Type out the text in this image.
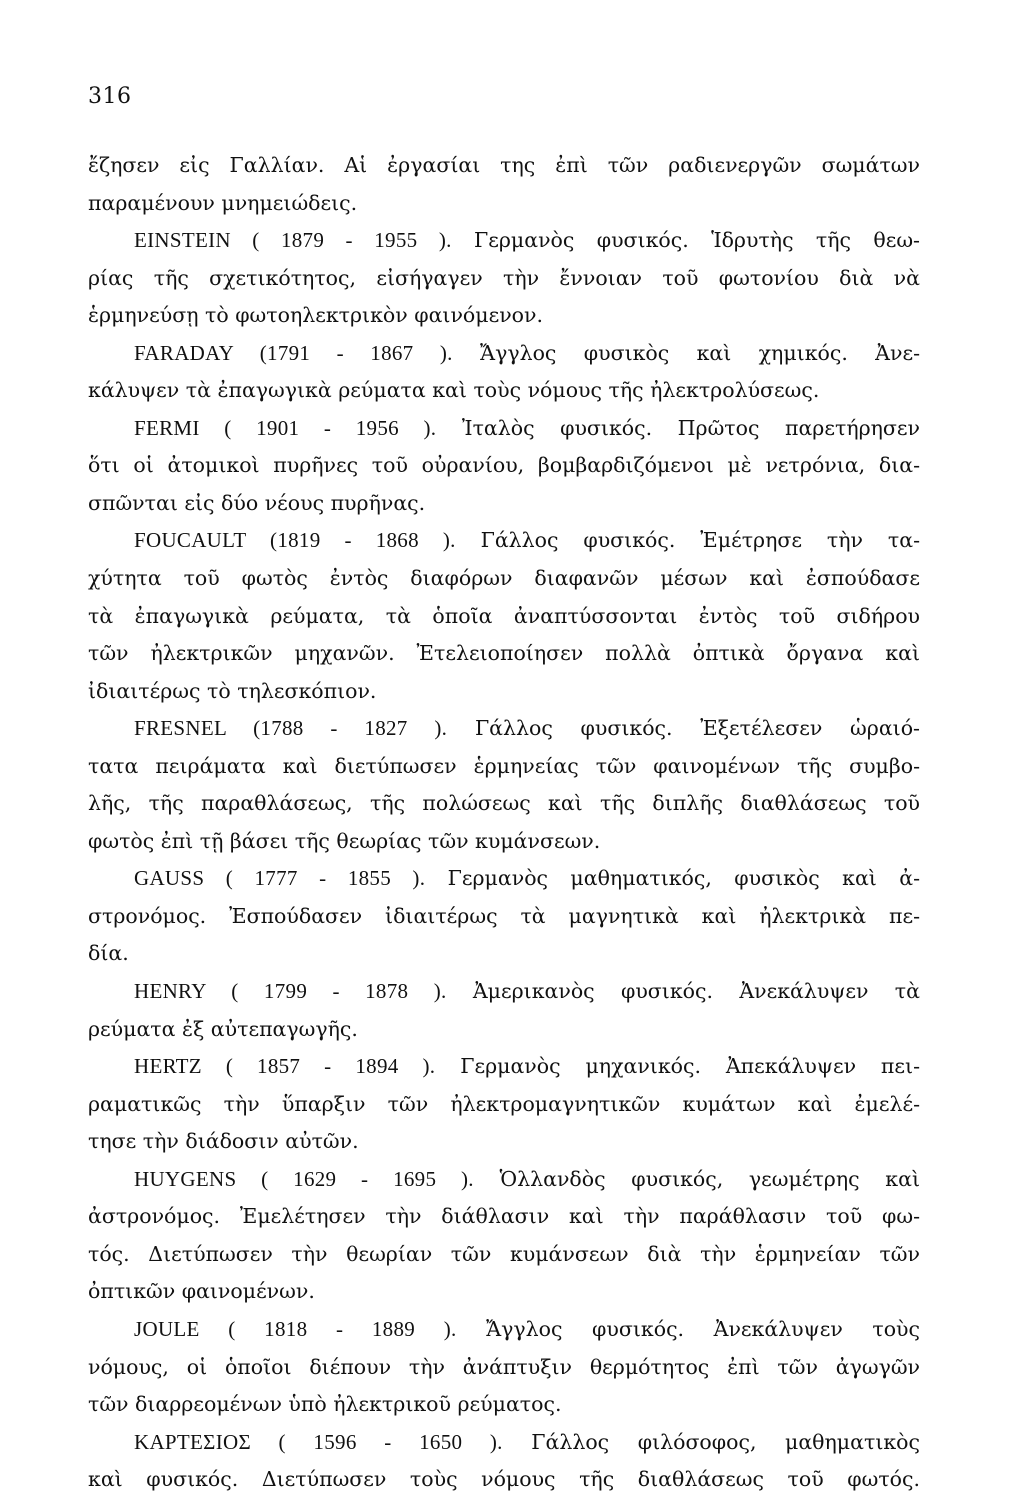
316
ἔζησεν εἰς Γαλλίαν. Αἱ ἐργασίαι της ἐπὶ τῶν ραδιενεργῶν σωμάτων
παραμένουν μνημειώδεις.
EINSTEIN ( 1879 - 1955 ). Γερμανὸς φυσικός. Ἱδρυτὴς τῆς θεω-
ρίας τῆς σχετικότητος, εἰσήγαγεν τὴν ἔννοιαν τοῦ φωτονίου διὰ νὰ
ἑρμηνεύσῃ τὸ φωτοηλεκτρικὸν φαινόμενον.
FARADAY (1791 - 1867 ). Ἄγγλος φυσικὸς καὶ χημικός. Ἀνε-
κάλυψεν τὰ ἐπαγωγικὰ ρεύματα καὶ τοὺς νόμους τῆς ἠλεκτρολύσεως.
FERMI ( 1901 - 1956 ). Ἰταλὸς φυσικός. Πρῶτος παρετήρησεν
ὅτι οἱ ἀτομικοὶ πυρῆνες τοῦ οὐρανίου, βομβαρδιζόμενοι μὲ νετρόνια, δια-
σπῶνται εἰς δύο νέους πυρῆνας.
FOUCAULT (1819 - 1868 ). Γάλλος φυσικός. Ἐμέτρησε τὴν τα-
χύτητα τοῦ φωτὸς ἐντὸς διαφόρων διαφανῶν μέσων καὶ ἐσπούδασε
τὰ ἐπαγωγικὰ ρεύματα, τὰ ὁποῖα ἀναπτύσσονται ἐντὸς τοῦ σιδήρου
τῶν ἠλεκτρικῶν μηχανῶν. Ἐτελειοποίησεν πολλὰ ὀπτικὰ ὄργανα καὶ
ἰδιαιτέρως τὸ τηλεσκόπιον.
FRESNEL (1788 - 1827 ). Γάλλος φυσικός. Ἐξετέλεσεν ὡραιό-
τατα πειράματα καὶ διετύπωσεν ἑρμηνείας τῶν φαινομένων τῆς συμβο-
λῆς, τῆς παραθλάσεως, τῆς πολώσεως καὶ τῆς διπλῆς διαθλάσεως τοῦ
φωτὸς ἐπὶ τῇ βάσει τῆς θεωρίας τῶν κυμάνσεων.
GAUSS ( 1777 - 1855 ). Γερμανὸς μαθηματικός, φυσικὸς καὶ ἀ-
στρονόμος. Ἐσπούδασεν ἰδιαιτέρως τὰ μαγνητικὰ καὶ ἠλεκτρικὰ πε-
δία.
HENRY ( 1799 - 1878 ). Ἀμερικανὸς φυσικός. Ἀνεκάλυψεν τὰ
ρεύματα ἐξ αὐτεπαγωγῆς.
HERTZ ( 1857 - 1894 ). Γερμανὸς μηχανικός. Ἀπεκάλυψεν πει-
ραματικῶς τὴν ὕπαρξιν τῶν ἠλεκτρομαγνητικῶν κυμάτων καὶ ἐμελέ-
τησε τὴν διάδοσιν αὐτῶν.
HUYGENS ( 1629 - 1695 ). Ὁλλανδὸς φυσικός, γεωμέτρης καὶ
ἀστρονόμος. Ἐμελέτησεν τὴν διάθλασιν καὶ τὴν παράθλασιν τοῦ φω-
τός. Διετύπωσεν τὴν θεωρίαν τῶν κυμάνσεων διὰ τὴν ἑρμηνείαν τῶν
ὀπτικῶν φαινομένων.
JOULE ( 1818 - 1889 ). Ἄγγλος φυσικός. Ἀνεκάλυψεν τοὺς
νόμους, οἱ ὁποῖοι διέπουν τὴν ἀνάπτυξιν θερμότητος ἐπὶ τῶν ἀγωγῶν
τῶν διαρρεομένων ὑπὸ ἠλεκτρικοῦ ρεύματος.
ΚΑΡΤΕΣΙΟΣ ( 1596 - 1650 ). Γάλλος φιλόσοφος, μαθηματικὸς
καὶ φυσικός. Διετύπωσεν τοὺς νόμους τῆς διαθλάσεως τοῦ φωτός.
